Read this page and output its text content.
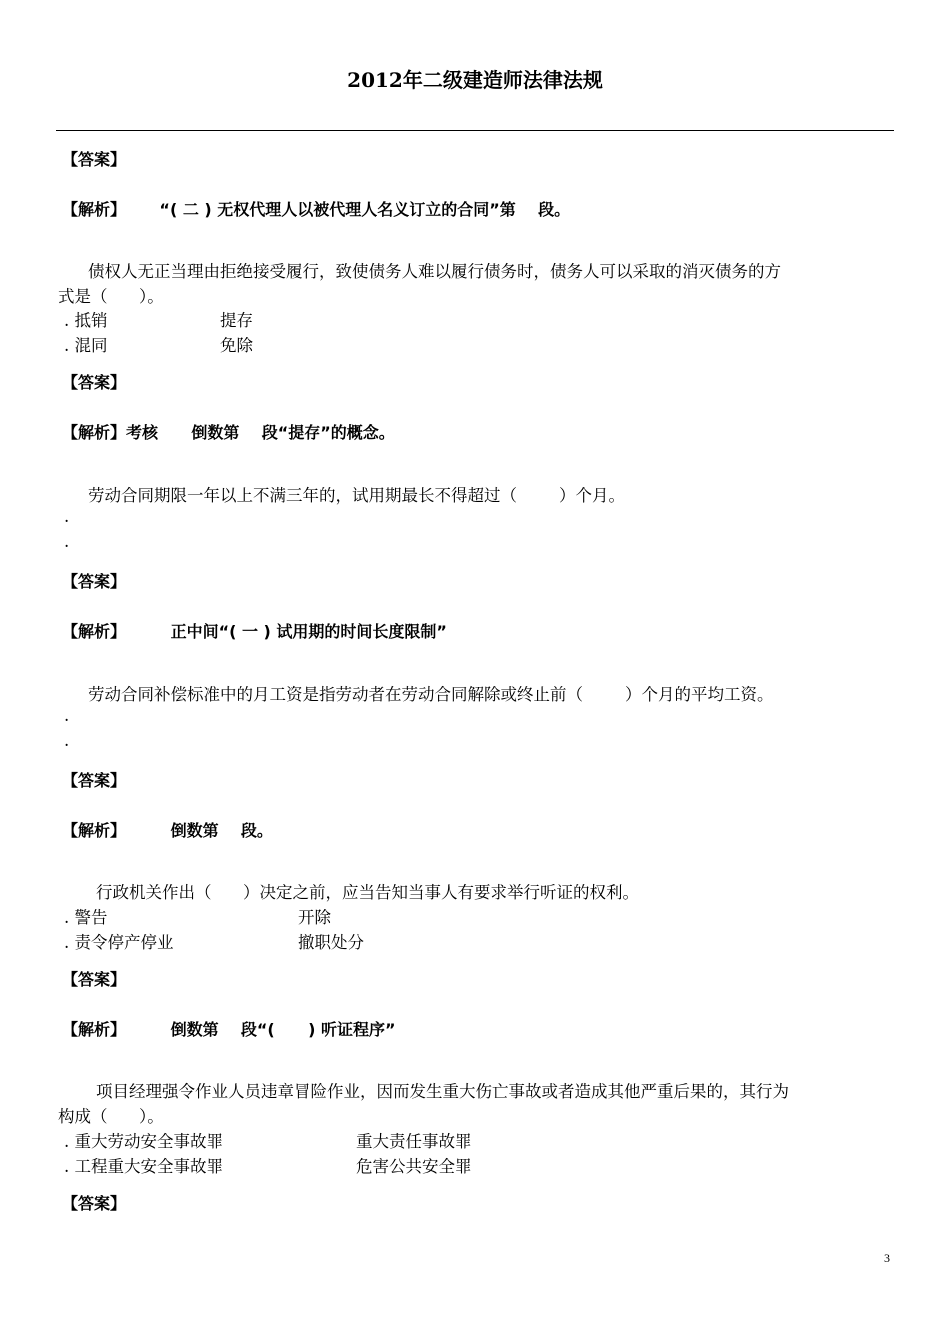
2012年二级建造师法律法规
【答案】
【解析】      “( 二 ) 无权代理人以被代理人名义订立的合同”第    段。
债权人无正当理由拒绝接受履行，致使债务人难以履行债务时，债务人可以采取的消灭债务的方
式是（      ）。
. 抵销	提存
. 混同	免除
【答案】
【解析】考核      倒数第    段“提存”的概念。
劳动合同期限一年以上不满三年的，试用期最长不得超过（        ）个月。
.
.
【答案】
【解析】        正中间“( 一 ) 试用期的时间长度限制”
劳动合同补偿标准中的月工资是指劳动者在劳动合同解除或终止前（        ）个月的平均工资。
.
.
【答案】
【解析】        倒数第    段。
行政机关作出（      ）决定之前，应当告知当事人有要求举行听证的权利。
. 警告	开除
. 责令停产停业	撤职处分
【答案】
【解析】        倒数第    段“(      ) 听证程序”
项目经理强令作业人员违章冒险作业，因而发生重大伤亡事故或者造成其他严重后果的，其行为
构成（      ）。
. 重大劳动安全事故罪	重大责任事故罪
. 工程重大安全事故罪	危害公共安全罪
【答案】
3
